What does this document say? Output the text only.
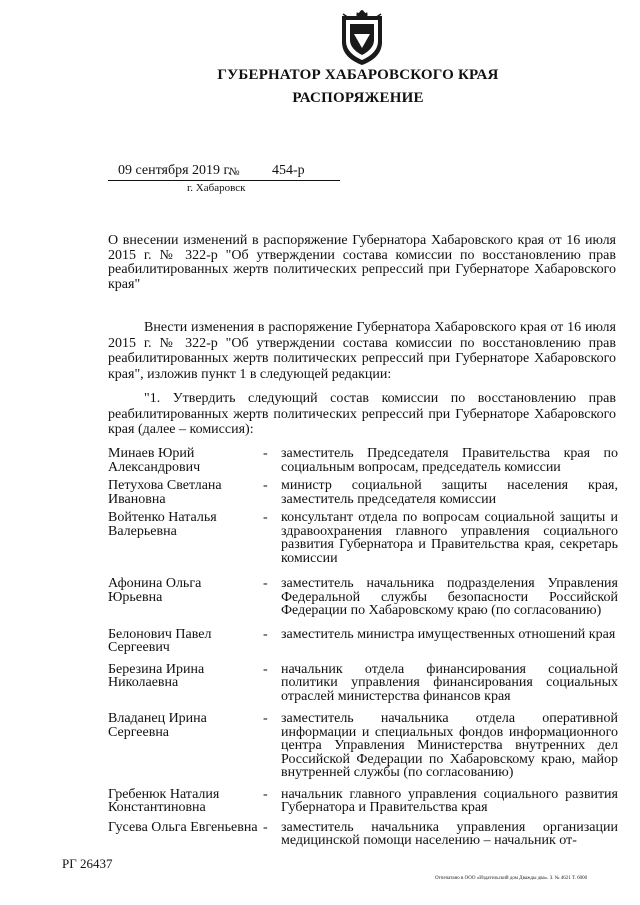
ГУБЕРНАТОР ХАБАРОВСКОГО КРАЯ
РАСПОРЯЖЕНИЕ
09 сентября 2019 г.
№ 454-р
г. Хабаровск
О внесении изменений в распоряжение Губернатора Хабаровского края от 16 июля 2015 г. № 322-р "Об утверждении состава комиссии по восстановлению прав реабилитированных жертв политических репрессий при Губернаторе Хабаровского края"

Внести изменения в распоряжение Губернатора Хабаровского края от 16 июля 2015 г. № 322-р "Об утверждении состава комиссии по восстановлению прав реабилитированных жертв политических репрессий при Губернаторе Хабаровского края", изложив пункт 1 в следующей редакции:

"1. Утвердить следующий состав комиссии по восстановлению прав реабилитированных жертв политических репрессий при Губернаторе Хабаровского края (далее – комиссия):

Минаев Юрий Александрович
- заместитель Председателя Правительства края по социальным вопросам, председатель комиссии
Петухова Светлана Ивановна
- министр социальной защиты населения края, заместитель председателя комиссии
Войтенко Наталья Валерьевна
- консультант отдела по вопросам социальной защиты и здравоохранения главного управления социального развития Губернатора и Правительства края, секретарь комиссии
Афонина Ольга Юрьевна
- заместитель начальника подразделения Управления Федеральной службы безопасности Российской Федерации по Хабаровскому краю (по согласованию)
Белонович Павел Сергеевич
- заместитель министра имущественных отношений края
Березина Ирина Николаевна
- начальник отдела финансирования социальной политики управления финансирования социальных отраслей министерства финансов края
Владанец Ирина Сергеевна
- заместитель начальника отдела оперативной информации и специальных фондов информационного центра Управления Министерства внутренних дел Российской Федерации по Хабаровскому краю, майор внутренней службы (по согласованию)
Гребенюк Наталия Константиновна
- начальник главного управления социального развития Губернатора и Правительства края
Гусева Ольга Евгеньевна - заместитель начальника управления организации медицинской помощи населению – начальник от-
РГ 26437
Отпечатано в ООО «Издательский дом Дважды два». З. № 4621 Т. 6000
